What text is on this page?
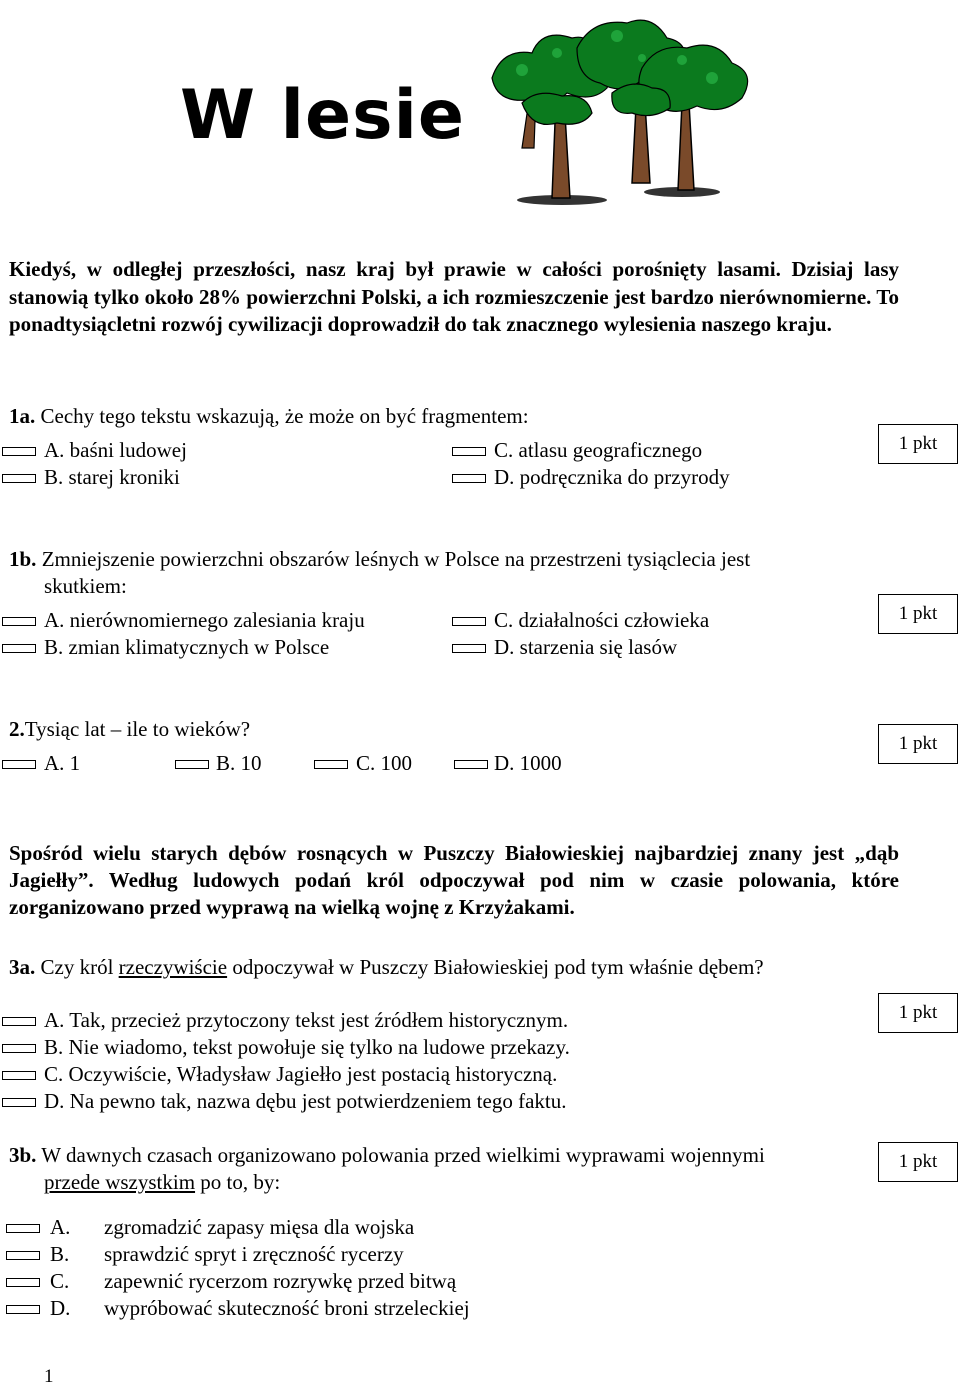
W lesie
Kiedyś, w odległej przeszłości, nasz kraj był prawie w całości porośnięty lasami. Dzisiaj lasy stanowią tylko około 28% powierzchni Polski, a ich rozmieszczenie jest bardzo nierównomierne. To ponadtysiącletni rozwój cywilizacji doprowadził do tak znacznego wylesienia naszego kraju.
1a. Cechy tego tekstu wskazują, że może on być fragmentem:
A. baśni ludowej
B. starej kroniki
C. atlasu geograficznego
D. podręcznika do przyrody
1 pkt
1b. Zmniejszenie powierzchni obszarów leśnych w Polsce na przestrzeni tysiąclecia jest
skutkiem:
A. nierównomiernego zalesiania kraju
B. zmian klimatycznych w Polsce
C. działalności człowieka
D. starzenia się lasów
1 pkt
2.Tysiąc lat – ile to wieków?
A. 1	B. 10	C. 100	D. 1000
1 pkt
Spośród wielu starych dębów rosnących w Puszczy Białowieskiej najbardziej znany jest „dąb Jagiełły”. Według ludowych podań król odpoczywał pod nim w czasie polowania, które zorganizowano przed wyprawą na wielką wojnę z Krzyżakami.
3a. Czy król rzeczywiście odpoczywał w Puszczy Białowieskiej pod tym właśnie dębem?
1 pkt
A. Tak, przecież przytoczony tekst jest źródłem historycznym.
B. Nie wiadomo, tekst powołuje się tylko na ludowe przekazy.
C. Oczywiście, Władysław Jagiełło jest postacią historyczną.
D. Na pewno tak, nazwa dębu jest potwierdzeniem tego faktu.
3b. W dawnych czasach organizowano polowania przed wielkimi wyprawami wojennymi
przede wszystkim po to, by:
1 pkt
A. zgromadzić zapasy mięsa dla wojska
B. sprawdzić spryt i zręczność rycerzy
C. zapewnić rycerzom rozrywkę przed bitwą
D. wypróbować skuteczność broni strzeleckiej
1
